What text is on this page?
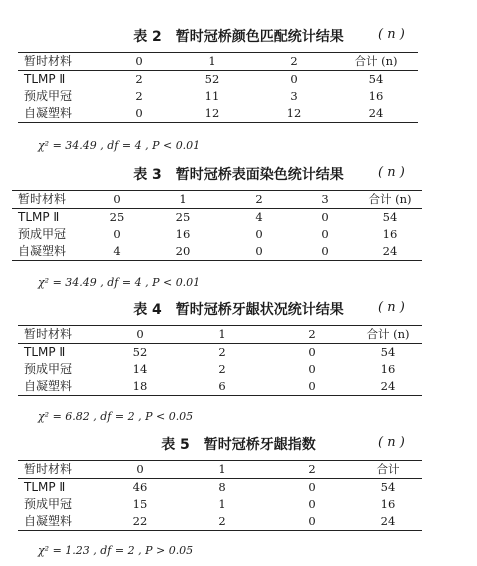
表 2　暂时冠桥颜色匹配统计结果	( n )
暂时材料	0	1	2	合计 (n)
TLMP Ⅱ	2	52	0	54
预成甲冠	2	11	3	16
自凝塑料	0	12	12	24
χ² = 34.49 , df = 4 , P < 0.01
表 3　暂时冠桥表面染色统计结果	( n )
暂时材料	0	1	2	3	合计 (n)
TLMP Ⅱ	25	25	4	0	54
预成甲冠	0	16	0	0	16
自凝塑料	4	20	0	0	24
χ² = 34.49 , df = 4 , P < 0.01
表 4　暂时冠桥牙龈状况统计结果	( n )
暂时材料	0	1	2	合计 (n)
TLMP Ⅱ	52	2	0	54
预成甲冠	14	2	0	16
自凝塑料	18	6	0	24
χ² = 6.82 , df = 2 , P < 0.05
表 5　暂时冠桥牙龈指数	( n )
暂时材料	0	1	2	合计
TLMP Ⅱ	46	8	0	54
预成甲冠	15	1	0	16
自凝塑料	22	2	0	24
χ² = 1.23 , df = 2 , P > 0.05
